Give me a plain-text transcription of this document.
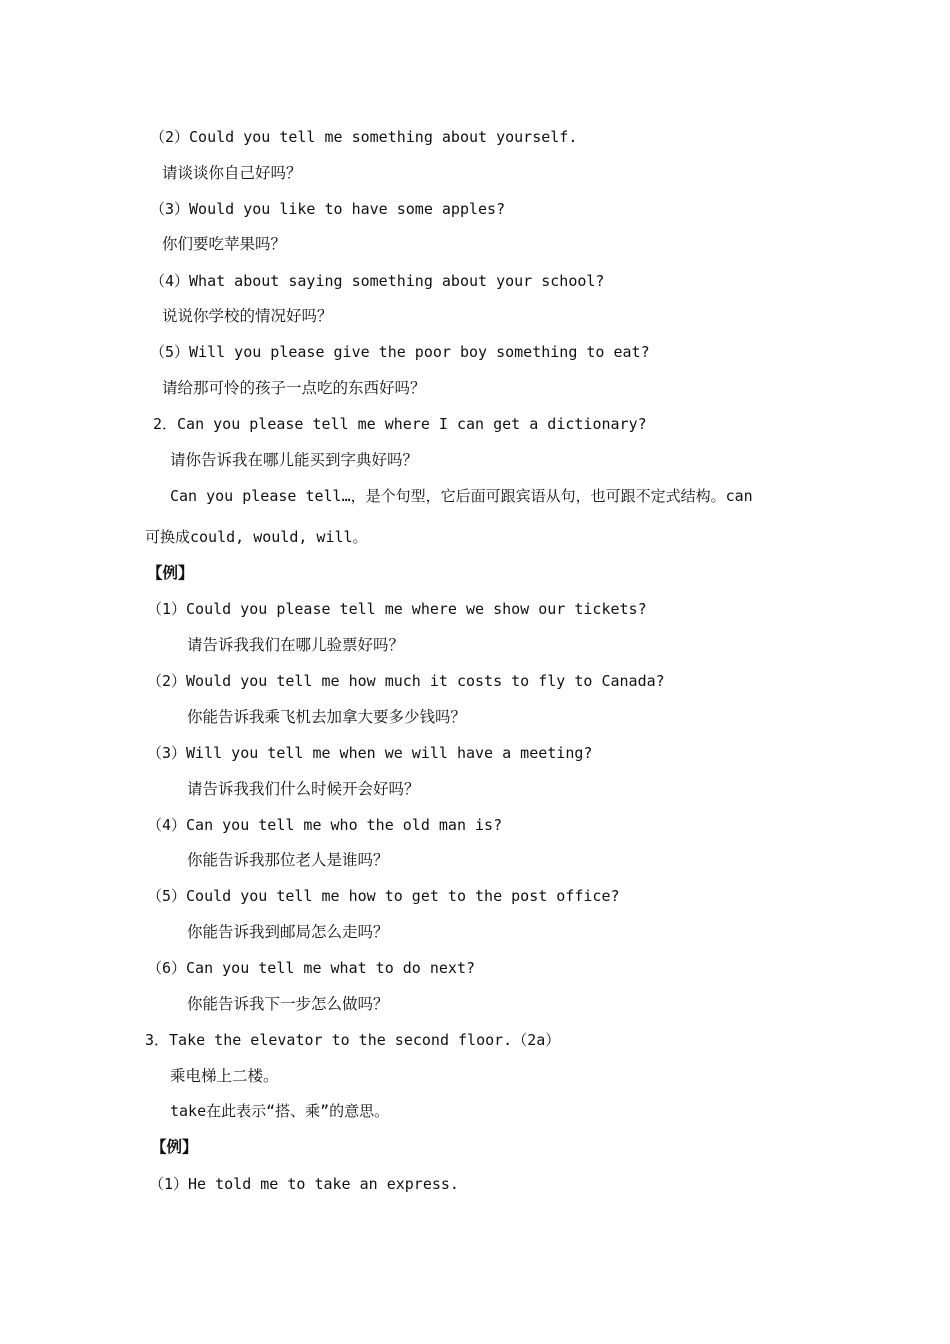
（2）Could you tell me something about yourself.
请谈谈你自己好吗？
（3）Would you like to have some apples?
你们要吃苹果吗？
（4）What about saying something about your school?
说说你学校的情况好吗？
（5）Will you please give the poor boy something to eat?
请给那可怜的孩子一点吃的东西好吗？
2．Can you please tell me where I can get a dictionary?
请你告诉我在哪儿能买到字典好吗？
Can you please tell…，是个句型，它后面可跟宾语从句，也可跟不定式结构。can
可换成could, would, will。
【例】
（1）Could you please tell me where we show our tickets?
请告诉我我们在哪儿验票好吗？
（2）Would you tell me how much it costs to fly to Canada?
你能告诉我乘飞机去加拿大要多少钱吗？
（3）Will you tell me when we will have a meeting?
请告诉我我们什么时候开会好吗？
（4）Can you tell me who the old man is?
你能告诉我那位老人是谁吗？
（5）Could you tell me how to get to the post office?
你能告诉我到邮局怎么走吗？
（6）Can you tell me what to do next?
你能告诉我下一步怎么做吗？
3．Take the elevator to the second floor.（2a）
乘电梯上二楼。
take在此表示“搭、乘”的意思。
【例】
（1）He told me to take an express.
